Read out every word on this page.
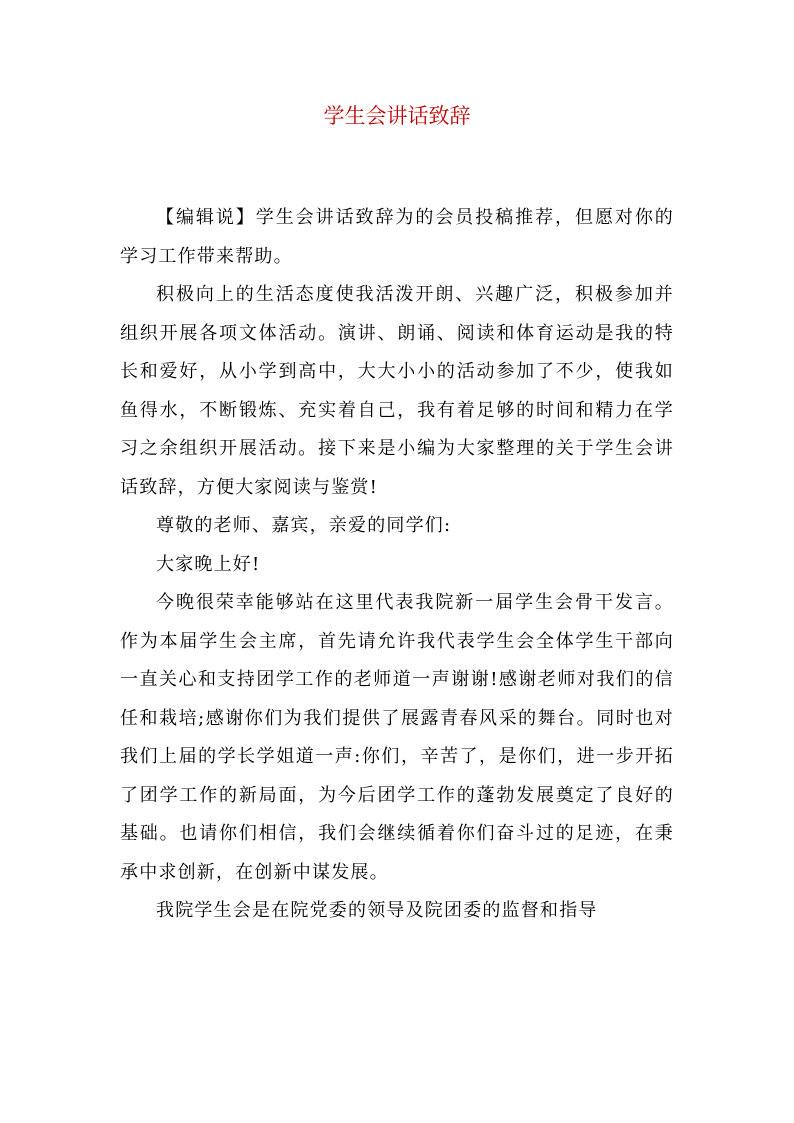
学生会讲话致辞

【编辑说】学生会讲话致辞为的会员投稿推荐，但愿对你的学习工作带来帮助。

积极向上的生活态度使我活泼开朗、兴趣广泛，积极参加并组织开展各项文体活动。演讲、朗诵、阅读和体育运动是我的特长和爱好，从小学到高中，大大小小的活动参加了不少，使我如鱼得水，不断锻炼、充实着自己，我有着足够的时间和精力在学习之余组织开展活动。接下来是小编为大家整理的关于学生会讲话致辞，方便大家阅读与鉴赏!

尊敬的老师、嘉宾，亲爱的同学们:

大家晚上好!

今晚很荣幸能够站在这里代表我院新一届学生会骨干发言。作为本届学生会主席，首先请允许我代表学生会全体学生干部向一直关心和支持团学工作的老师道一声谢谢!感谢老师对我们的信任和栽培;感谢你们为我们提供了展露青春风采的舞台。同时也对我们上届的学长学姐道一声:你们，辛苦了，是你们，进一步开拓了团学工作的新局面，为今后团学工作的蓬勃发展奠定了良好的基础。也请你们相信，我们会继续循着你们奋斗过的足迹，在秉承中求创新，在创新中谋发展。

我院学生会是在院党委的领导及院团委的监督和指导
